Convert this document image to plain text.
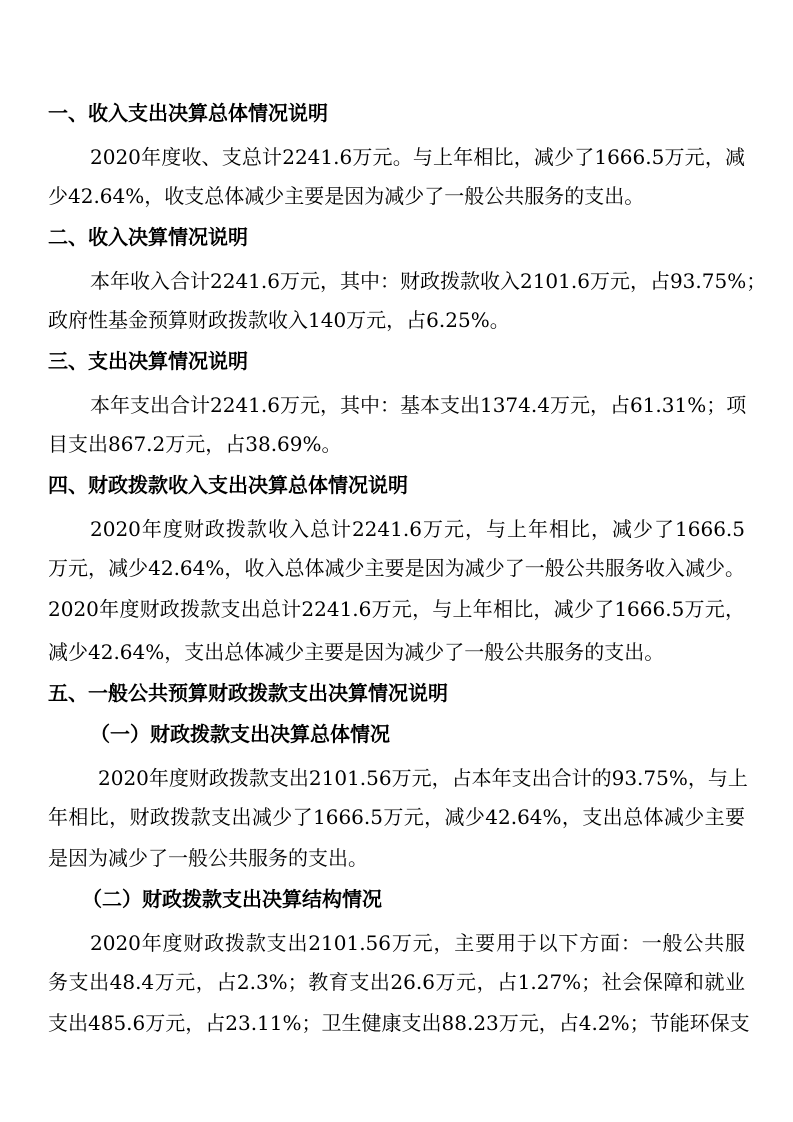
一、收入支出决算总体情况说明
2020年度收、支总计2241.6万元。与上年相比，减少了1666.5万元，减
少42.64%，收支总体减少主要是因为减少了一般公共服务的支出。
二、收入决算情况说明
本年收入合计2241.6万元，其中：财政拨款收入2101.6万元，占93.75%；
政府性基金预算财政拨款收入140万元，占6.25%。
三、支出决算情况说明
本年支出合计2241.6万元，其中：基本支出1374.4万元，占61.31%；项
目支出867.2万元，占38.69%。
四、财政拨款收入支出决算总体情况说明
2020年度财政拨款收入总计2241.6万元，与上年相比，减少了1666.5
万元，减少42.64%，收入总体减少主要是因为减少了一般公共服务收入减少。
2020年度财政拨款支出总计2241.6万元，与上年相比，减少了1666.5万元，
减少42.64%，支出总体减少主要是因为减少了一般公共服务的支出。
五、一般公共预算财政拨款支出决算情况说明
（一）财政拨款支出决算总体情况
2020年度财政拨款支出2101.56万元，占本年支出合计的93.75%，与上
年相比，财政拨款支出减少了1666.5万元，减少42.64%，支出总体减少主要
是因为减少了一般公共服务的支出。
（二）财政拨款支出决算结构情况
2020年度财政拨款支出2101.56万元，主要用于以下方面：一般公共服
务支出48.4万元，占2.3%；教育支出26.6万元，占1.27%；社会保障和就业
支出485.6万元，占23.11%；卫生健康支出88.23万元，占4.2%；节能环保支
